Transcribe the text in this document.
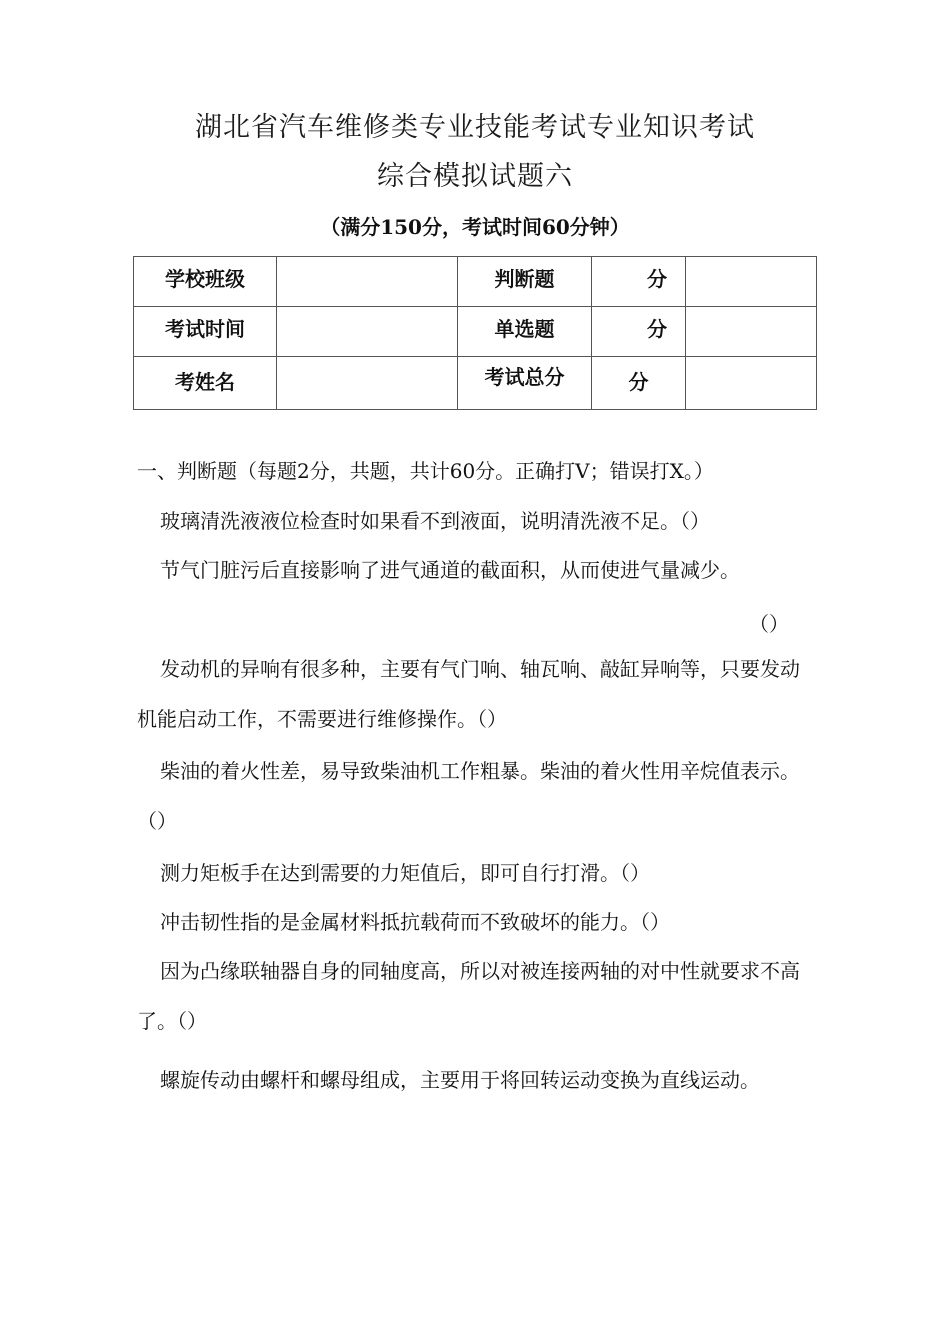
湖北省汽车维修类专业技能考试专业知识考试
综合模拟试题六
（满分150分，考试时间60分钟）
学校班级		判断题	分	

考试时间		单选题	分	

考姓名		考试总分	分	

一、判断题（每题2分，共题，共计60分。正确打V；错误打X。）
玻璃清洗液液位检查时如果看不到液面，说明清洗液不足。（）
节气门脏污后直接影响了进气通道的截面积，从而使进气量减少。
（）
发动机的异响有很多种，主要有气门响、轴瓦响、敲缸异响等，只要发动机能启动工作，不需要进行维修操作。（）
柴油的着火性差，易导致柴油机工作粗暴。柴油的着火性用辛烷值表示。（）
测力矩板手在达到需要的力矩值后，即可自行打滑。（）
冲击韧性指的是金属材料抵抗载荷而不致破坏的能力。（）
因为凸缘联轴器自身的同轴度高，所以对被连接两轴的对中性就要求不高了。（）
螺旋传动由螺杆和螺母组成，主要用于将回转运动变换为直线运动。
